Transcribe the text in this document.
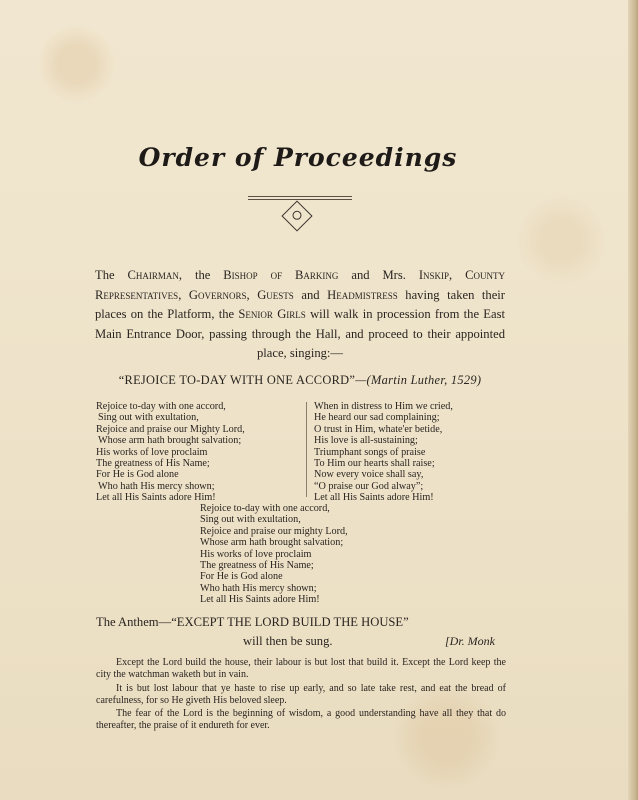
Order of Proceedings
The Chairman, the Bishop of Barking and Mrs. Inskip, County Representatives, Governors, Guests and Headmistress having taken their places on the Platform, the Senior Girls will walk in procession from the East Main Entrance Door, passing through the Hall, and proceed to their appointed place, singing:—
“REJOICE TO-DAY WITH ONE ACCORD”—(Martin Luther, 1529)
Rejoice to-day with one accord,
Sing out with exultation,
Rejoice and praise our Mighty Lord,
Whose arm hath brought salvation;
His works of love proclaim
The greatness of His Name;
For He is God alone
Who hath His mercy shown;
Let all His Saints adore Him!
When in distress to Him we cried,
He heard our sad complaining;
O trust in Him, whate'er betide,
His love is all-sustaining;
Triumphant songs of praise
To Him our hearts shall raise;
Now every voice shall say,
“O praise our God alway”;
Let all His Saints adore Him!
Rejoice to-day with one accord,
Sing out with exultation,
Rejoice and praise our mighty Lord,
Whose arm hath brought salvation;
His works of love proclaim
The greatness of His Name;
For He is God alone
Who hath His mercy shown;
Let all His Saints adore Him!
The Anthem—“EXCEPT THE LORD BUILD THE HOUSE”
will then be sung.	[Dr. Monk
Except the Lord build the house, their labour is but lost that build it. Except the Lord keep the city the watchman waketh but in vain.
It is but lost labour that ye haste to rise up early, and so late take rest, and eat the bread of carefulness, for so He giveth His beloved sleep.
The fear of the Lord is the beginning of wisdom, a good understanding have all they that do thereafter, the praise of it endureth for ever.
